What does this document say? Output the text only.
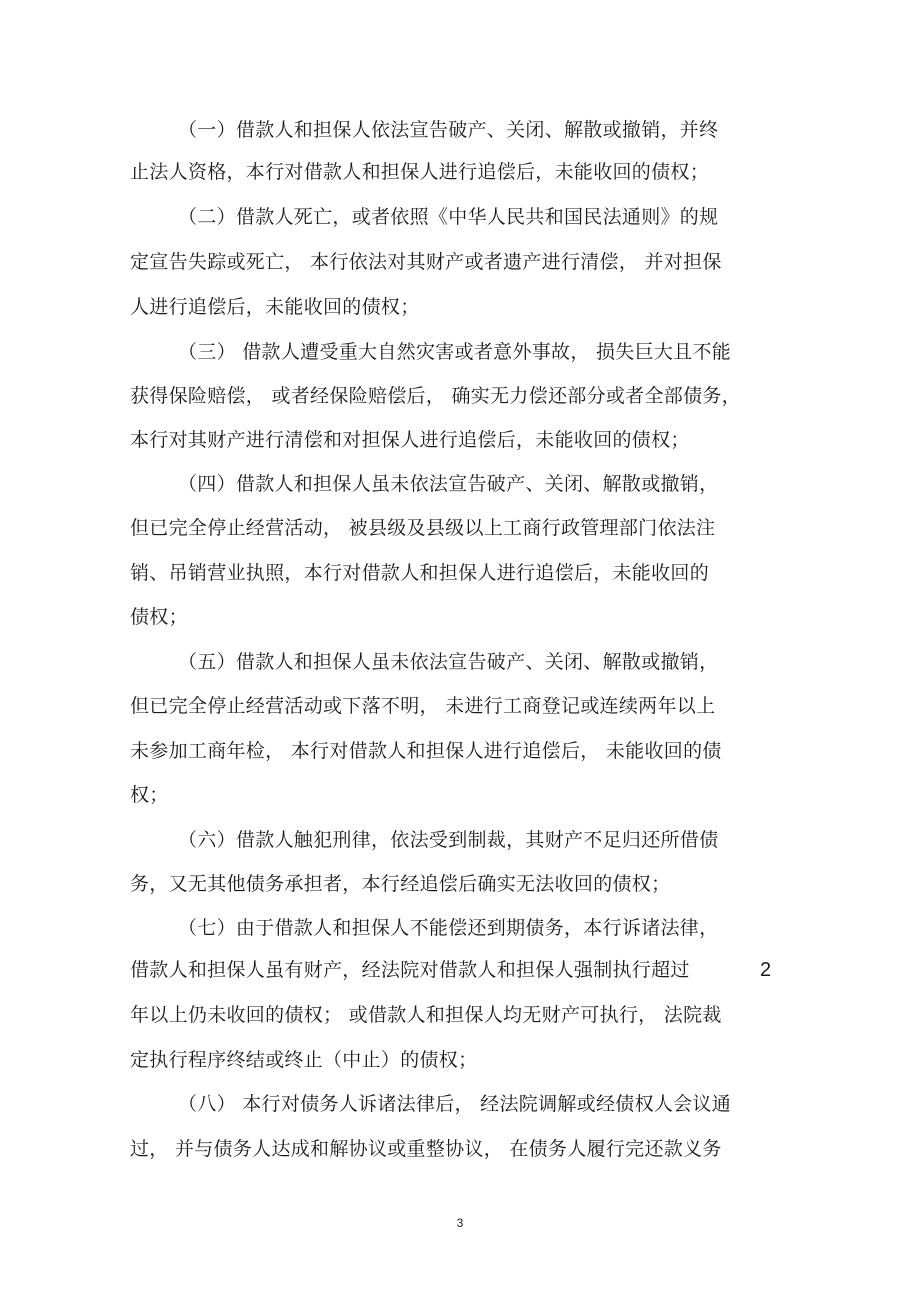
（一）借款人和担保人依法宣告破产、关闭、解散或撤销，并终
止法人资格，本行对借款人和担保人进行追偿后，未能收回的债权；
（二）借款人死亡，或者依照《中华人民共和国民法通则》的规
定宣告失踪或死亡， 本行依法对其财产或者遗产进行清偿， 并对担保
人进行追偿后，未能收回的债权；
（三） 借款人遭受重大自然灾害或者意外事故， 损失巨大且不能
获得保险赔偿， 或者经保险赔偿后， 确实无力偿还部分或者全部债务，
本行对其财产进行清偿和对担保人进行追偿后，未能收回的债权；
（四）借款人和担保人虽未依法宣告破产、关闭、解散或撤销，
但已完全停止经营活动， 被县级及县级以上工商行政管理部门依法注
销、吊销营业执照，本行对借款人和担保人进行追偿后，未能收回的
债权；
（五）借款人和担保人虽未依法宣告破产、关闭、解散或撤销，
但已完全停止经营活动或下落不明， 未进行工商登记或连续两年以上
未参加工商年检， 本行对借款人和担保人进行追偿后， 未能收回的债
权；
（六）借款人触犯刑律，依法受到制裁，其财产不足归还所借债
务，又无其他债务承担者，本行经追偿后确实无法收回的债权；
（七）由于借款人和担保人不能偿还到期债务，本行诉诸法律，
借款人和担保人虽有财产，经法院对借款人和担保人强制执行超过
年以上仍未收回的债权； 或借款人和担保人均无财产可执行， 法院裁
定执行程序终结或终止（中止）的债权；
（八） 本行对债务人诉诸法律后， 经法院调解或经债权人会议通
过， 并与债务人达成和解协议或重整协议， 在债务人履行完还款义务
2
3
